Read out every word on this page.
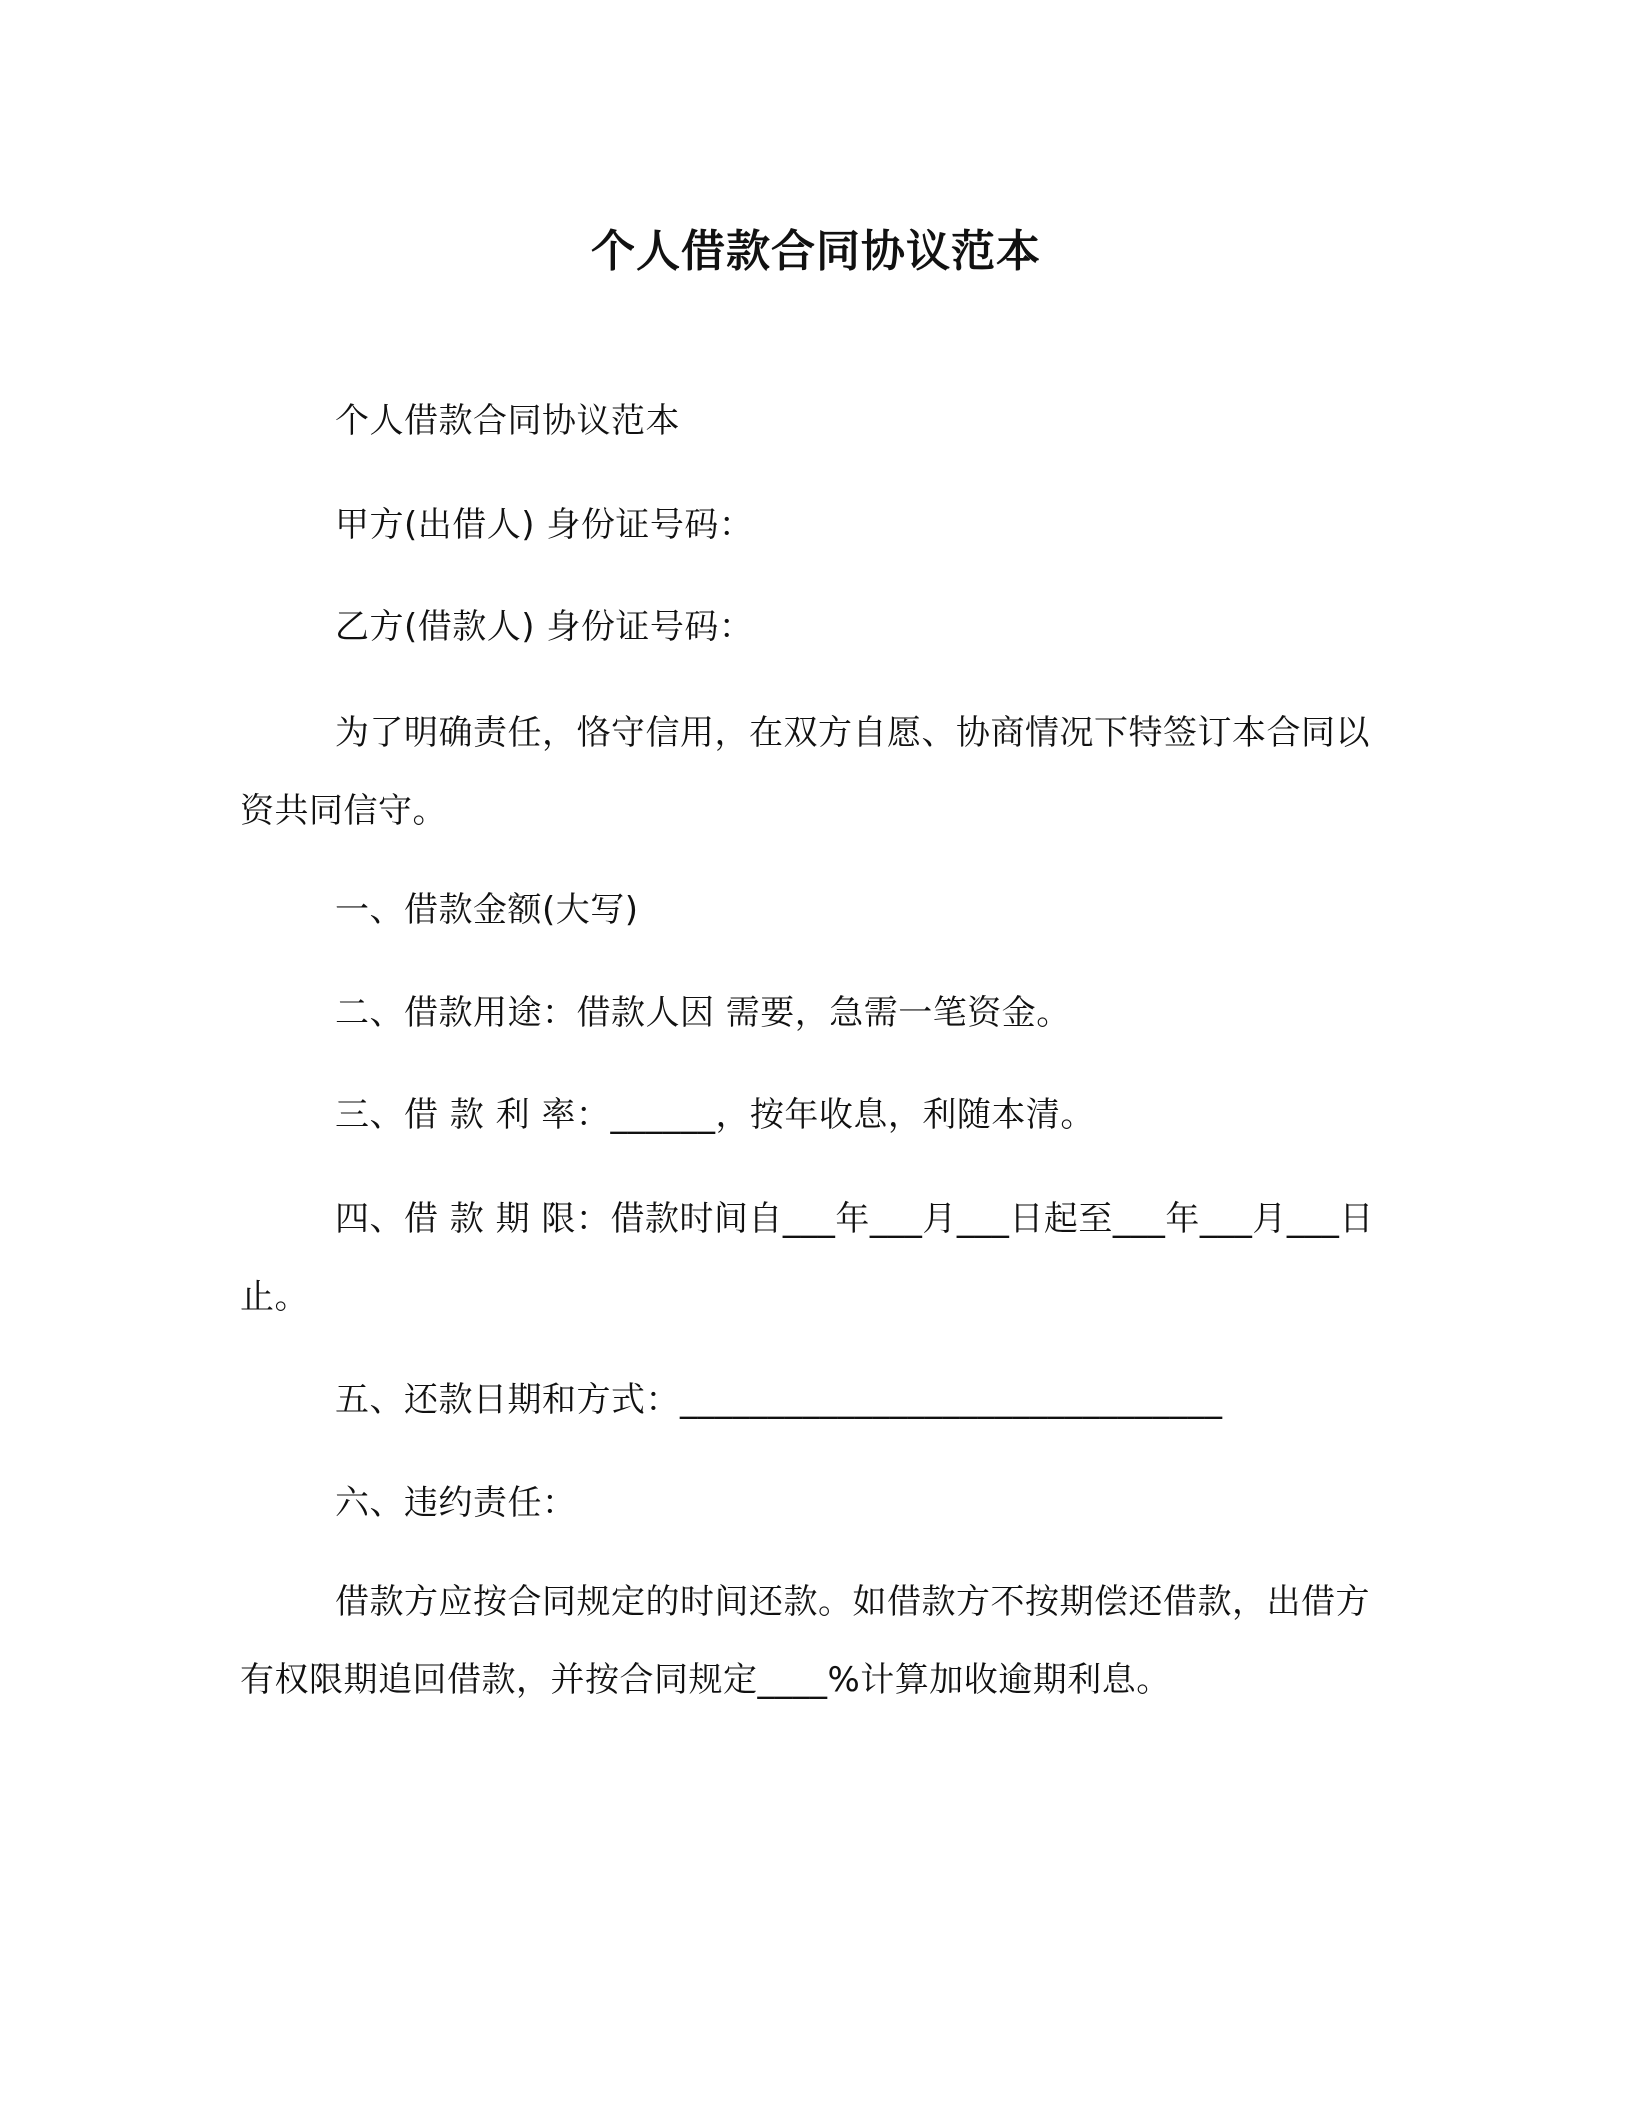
个人借款合同协议范本

个人借款合同协议范本

甲方(出借人) 身份证号码：

乙方(借款人) 身份证号码：

为了明确责任，恪守信用，在双方自愿、协商情况下特签订本合同以资共同信守。

一、借款金额(大写)

二、借款用途：借款人因 需要，急需一笔资金。

三、借 款 利 率：______，按年收息，利随本清。

四、借 款 期 限：借款时间自___年___月___日起至___年___月___日止。

五、还款日期和方式：_______________________________

六、违约责任：

借款方应按合同规定的时间还款。如借款方不按期偿还借款，出借方有权限期追回借款，并按合同规定____%计算加收逾期利息。
